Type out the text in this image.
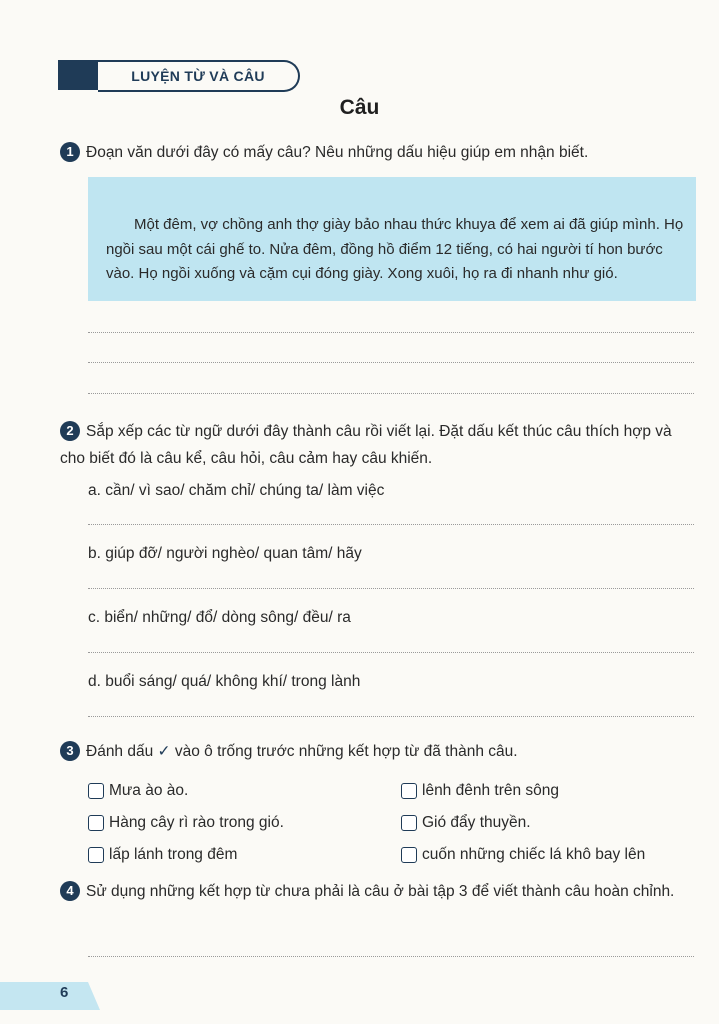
LUYỆN TỪ VÀ CÂU
Câu
1 Đoạn văn dưới đây có mấy câu? Nêu những dấu hiệu giúp em nhận biết.
Một đêm, vợ chồng anh thợ giày bảo nhau thức khuya để xem ai đã giúp mình. Họ ngồi sau một cái ghế to. Nửa đêm, đồng hồ điểm 12 tiếng, có hai người tí hon bước vào. Họ ngồi xuống và cặm cụi đóng giày. Xong xuôi, họ ra đi nhanh như gió.
2 Sắp xếp các từ ngữ dưới đây thành câu rồi viết lại. Đặt dấu kết thúc câu thích hợp và cho biết đó là câu kể, câu hỏi, câu cảm hay câu khiến.
a. cần/ vì sao/ chăm chỉ/ chúng ta/ làm việc
b. giúp đỡ/ người nghèo/ quan tâm/ hãy
c. biển/ những/ đổ/ dòng sông/ đều/ ra
d. buổi sáng/ quá/ không khí/ trong lành
3 Đánh dấu ✓ vào ô trống trước những kết hợp từ đã thành câu.
Mưa ào ào.
Hàng cây rì rào trong gió.
lấp lánh trong đêm
lênh đênh trên sông
Gió đẩy thuyền.
cuốn những chiếc lá khô bay lên
4 Sử dụng những kết hợp từ chưa phải là câu ở bài tập 3 để viết thành câu hoàn chỉnh.
6
